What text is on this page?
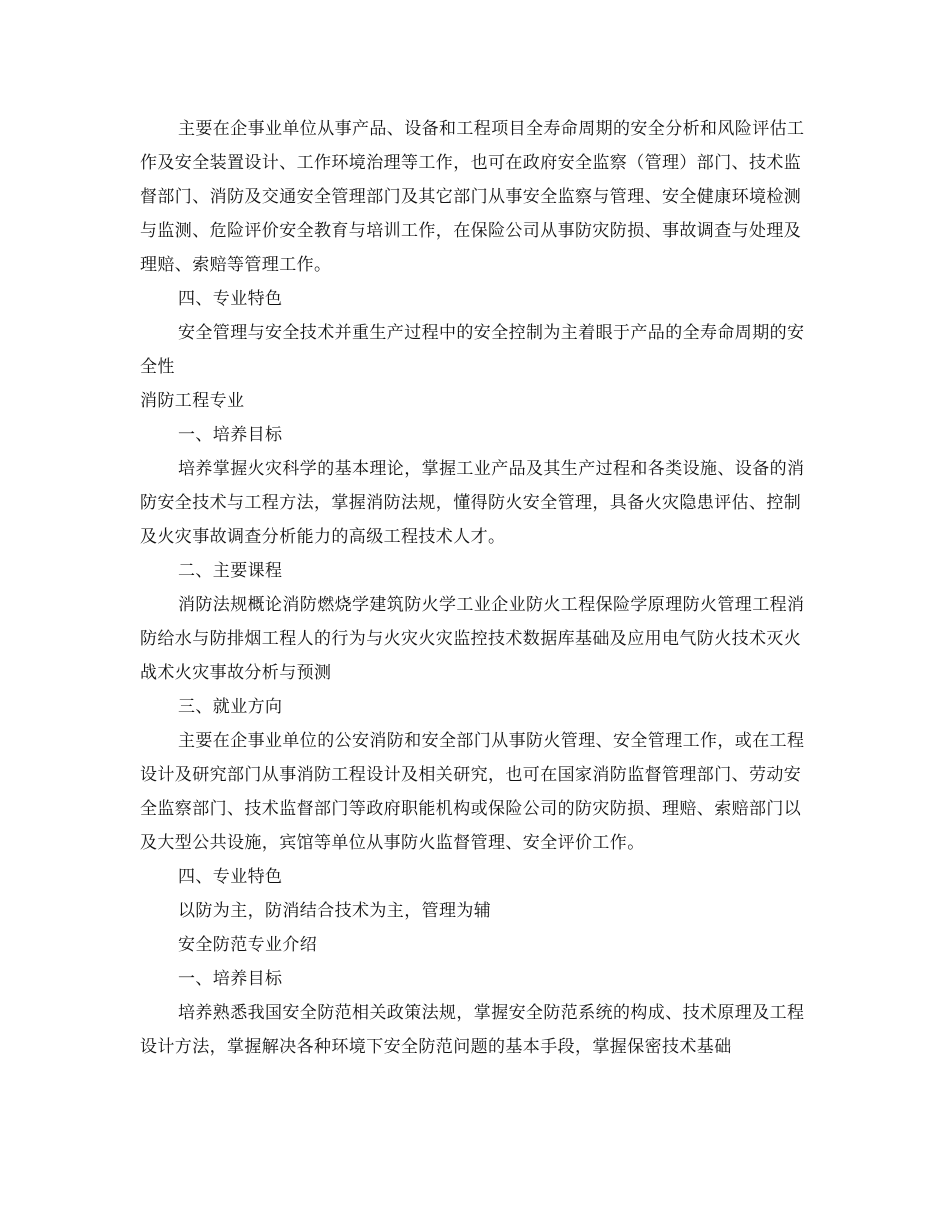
主要在企事业单位从事产品、设备和工程项目全寿命周期的安全分析和风险评估工作及安全装置设计、工作环境治理等工作，也可在政府安全监察（管理）部门、技术监督部门、消防及交通安全管理部门及其它部门从事安全监察与管理、安全健康环境检测与监测、危险评价安全教育与培训工作，在保险公司从事防灾防损、事故调查与处理及理赔、索赔等管理工作。

四、专业特色

安全管理与安全技术并重生产过程中的安全控制为主着眼于产品的全寿命周期的安全性

消防工程专业

一、培养目标

培养掌握火灾科学的基本理论，掌握工业产品及其生产过程和各类设施、设备的消防安全技术与工程方法，掌握消防法规，懂得防火安全管理，具备火灾隐患评估、控制及火灾事故调查分析能力的高级工程技术人才。

二、主要课程

消防法规概论消防燃烧学建筑防火学工业企业防火工程保险学原理防火管理工程消防给水与防排烟工程人的行为与火灾火灾监控技术数据库基础及应用电气防火技术灭火战术火灾事故分析与预测

三、就业方向

主要在企事业单位的公安消防和安全部门从事防火管理、安全管理工作，或在工程设计及研究部门从事消防工程设计及相关研究，也可在国家消防监督管理部门、劳动安全监察部门、技术监督部门等政府职能机构或保险公司的防灾防损、理赔、索赔部门以及大型公共设施，宾馆等单位从事防火监督管理、安全评价工作。

四、专业特色

以防为主，防消结合技术为主，管理为辅

安全防范专业介绍

一、培养目标

培养熟悉我国安全防范相关政策法规，掌握安全防范系统的构成、技术原理及工程设计方法，掌握解决各种环境下安全防范问题的基本手段，掌握保密技术基础
